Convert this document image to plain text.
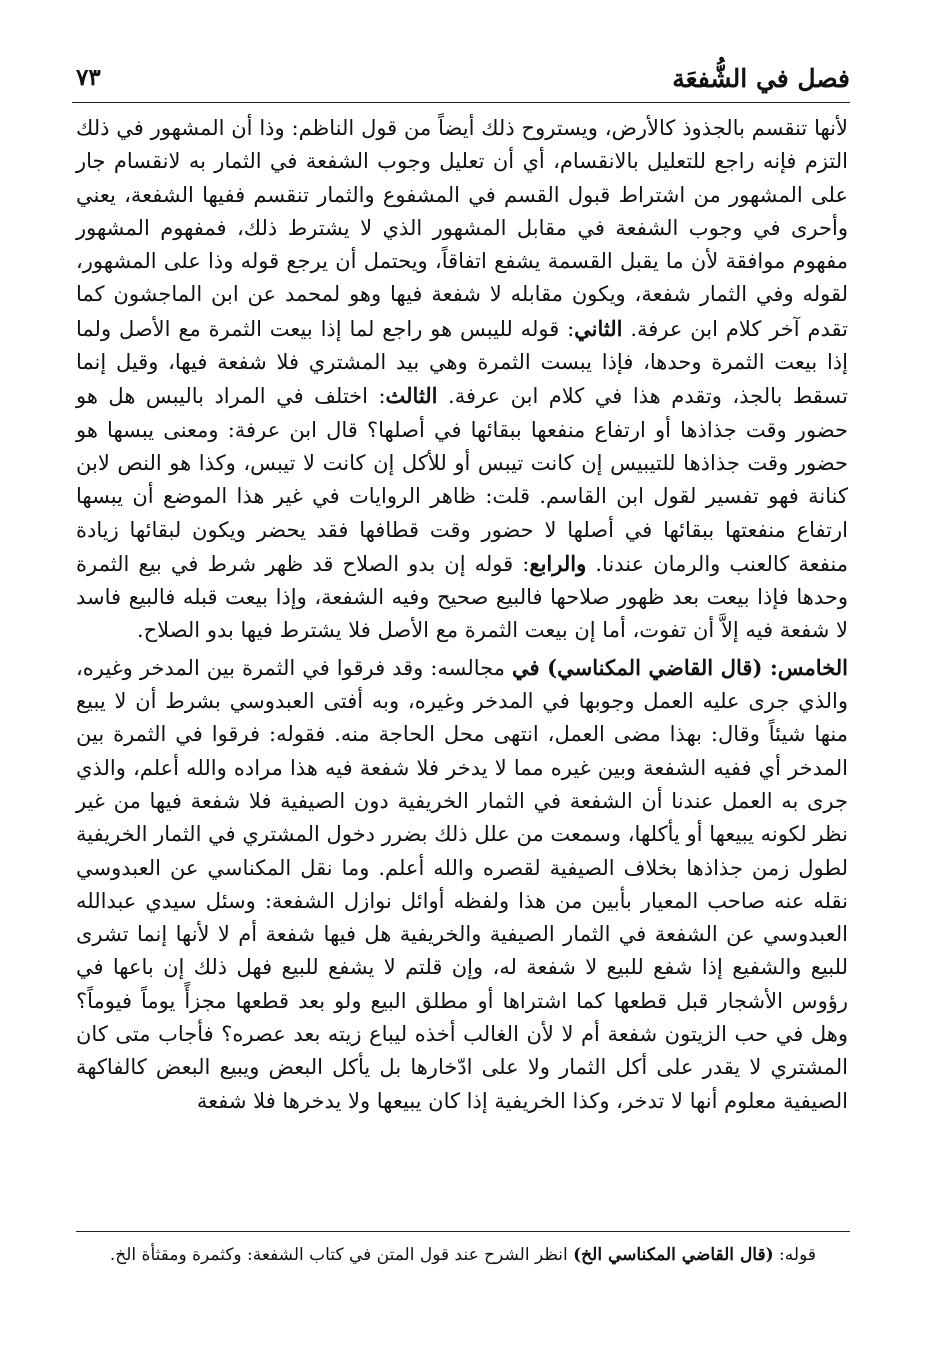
فصل في الشُّفعَة
٧٣

لأنها تنقسم بالجذوذ كالأرض، ويستروح ذلك أيضاً من قول الناظم: وذا أن المشهور في ذلك التزم فإنه راجع للتعليل بالانقسام، أي أن تعليل وجوب الشفعة في الثمار به لانقسام جار على المشهور من اشتراط قبول القسم في المشفوع والثمار تنقسم ففيها الشفعة، يعني وأحرى في وجوب الشفعة في مقابل المشهور الذي لا يشترط ذلك، فمفهوم المشهور مفهوم موافقة لأن ما يقبل القسمة يشفع اتفاقاً، ويحتمل أن يرجع قوله وذا على المشهور، لقوله وفي الثمار شفعة، ويكون مقابله لا شفعة فيها وهو لمحمد عن ابن الماجشون كما تقدم آخر كلام ابن عرفة. الثاني: قوله لليبس هو راجع لما إذا بيعت الثمرة مع الأصل ولما إذا بيعت الثمرة وحدها، فإذا يبست الثمرة وهي بيد المشتري فلا شفعة فيها، وقيل إنما تسقط بالجذ، وتقدم هذا في كلام ابن عرفة. الثالث: اختلف في المراد باليبس هل هو حضور وقت جذاذها أو ارتفاع منفعها ببقائها في أصلها؟ قال ابن عرفة: ومعنى يبسها هو حضور وقت جذاذها للتيبيس إن كانت تيبس أو للأكل إن كانت لا تيبس، وكذا هو النص لابن كنانة فهو تفسير لقول ابن القاسم. قلت: ظاهر الروايات في غير هذا الموضع أن يبسها ارتفاع منفعتها ببقائها في أصلها لا حضور وقت قطافها فقد يحضر ويكون لبقائها زيادة منفعة كالعنب والرمان عندنا. والرابع: قوله إن بدو الصلاح قد ظهر شرط في بيع الثمرة وحدها فإذا بيعت بعد ظهور صلاحها فالبيع صحيح وفيه الشفعة، وإذا بيعت قبله فالبيع فاسد لا شفعة فيه إلاَّ أن تفوت، أما إن بيعت الثمرة مع الأصل فلا يشترط فيها بدو الصلاح.

الخامس: (قال القاضي المكناسي) في مجالسه: وقد فرقوا في الثمرة بين المدخر وغيره، والذي جرى عليه العمل وجوبها في المدخر وغيره، وبه أفتى العبدوسي بشرط أن لا يبيع منها شيئاً وقال: بهذا مضى العمل، انتهى محل الحاجة منه. فقوله: فرقوا في الثمرة بين المدخر أي ففيه الشفعة وبين غيره مما لا يدخر فلا شفعة فيه هذا مراده والله أعلم، والذي جرى به العمل عندنا أن الشفعة في الثمار الخريفية دون الصيفية فلا شفعة فيها من غير نظر لكونه يبيعها أو يأكلها، وسمعت من علل ذلك بضرر دخول المشتري في الثمار الخريفية لطول زمن جذاذها بخلاف الصيفية لقصره والله أعلم. وما نقل المكناسي عن العبدوسي نقله عنه صاحب المعيار بأبين من هذا ولفظه أوائل نوازل الشفعة: وسئل سيدي عبدالله العبدوسي عن الشفعة في الثمار الصيفية والخريفية هل فيها شفعة أم لا لأنها إنما تشرى للبيع والشفيع إذا شفع للبيع لا شفعة له، وإن قلتم لا يشفع للبيع فهل ذلك إن باعها في رؤوس الأشجار قبل قطعها كما اشتراها أو مطلق البيع ولو بعد قطعها مجزأً يوماً فيوماً؟ وهل في حب الزيتون شفعة أم لا لأن الغالب أخذه ليباع زيته بعد عصره؟ فأجاب متى كان المشتري لا يقدر على أكل الثمار ولا على ادّخارها بل يأكل البعض ويبيع البعض كالفاكهة الصيفية معلوم أنها لا تدخر، وكذا الخريفية إذا كان يبيعها ولا يدخرها فلا شفعة

قوله: (قال القاضي المكناسي الخ) انظر الشرح عند قول المتن في كتاب الشفعة: وكثمرة ومقثأة الخ.
